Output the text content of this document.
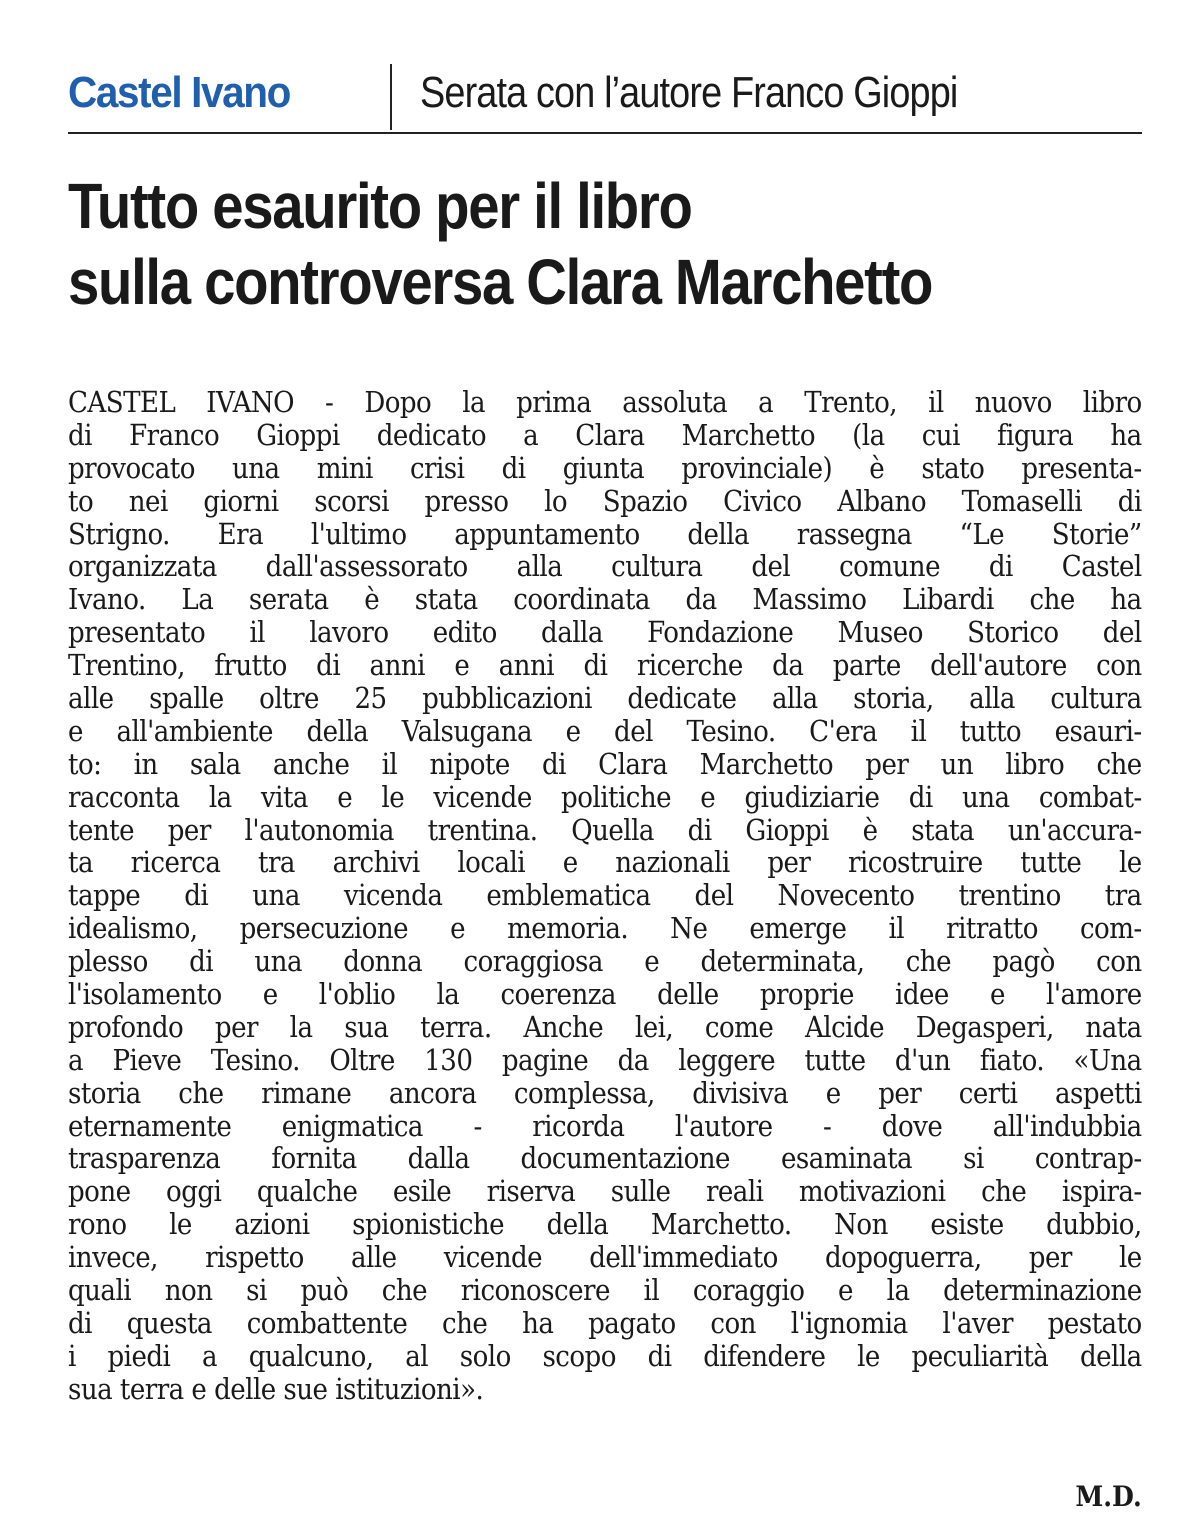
Castel Ivano	Serata con l’autore Franco Gioppi
Tutto esaurito per il libro
sulla controversa Clara Marchetto
CASTEL IVANO - Dopo la prima assoluta a Trento, il nuovo libro
di Franco Gioppi dedicato a Clara Marchetto (la cui figura ha
provocato una mini crisi di giunta provinciale) è stato presenta-
to nei giorni scorsi presso lo Spazio Civico Albano Tomaselli di
Strigno. Era l'ultimo appuntamento della rassegna “Le Storie”
organizzata dall'assessorato alla cultura del comune di Castel
Ivano. La serata è stata coordinata da Massimo Libardi che ha
presentato il lavoro edito dalla Fondazione Museo Storico del
Trentino, frutto di anni e anni di ricerche da parte dell'autore con
alle spalle oltre 25 pubblicazioni dedicate alla storia, alla cultura
e all'ambiente della Valsugana e del Tesino. C'era il tutto esauri-
to: in sala anche il nipote di Clara Marchetto per un libro che
racconta la vita e le vicende politiche e giudiziarie di una combat-
tente per l'autonomia trentina. Quella di Gioppi è stata un'accura-
ta ricerca tra archivi locali e nazionali per ricostruire tutte le
tappe di una vicenda emblematica del Novecento trentino tra
idealismo, persecuzione e memoria. Ne emerge il ritratto com-
plesso di una donna coraggiosa e determinata, che pagò con
l'isolamento e l'oblio la coerenza delle proprie idee e l'amore
profondo per la sua terra. Anche lei, come Alcide Degasperi, nata
a Pieve Tesino. Oltre 130 pagine da leggere tutte d'un fiato. «Una
storia che rimane ancora complessa, divisiva e per certi aspetti
eternamente enigmatica - ricorda l'autore - dove all'indubbia
trasparenza fornita dalla documentazione esaminata si contrap-
pone oggi qualche esile riserva sulle reali motivazioni che ispira-
rono le azioni spionistiche della Marchetto. Non esiste dubbio,
invece, rispetto alle vicende dell'immediato dopoguerra, per le
quali non si può che riconoscere il coraggio e la determinazione
di questa combattente che ha pagato con l'ignomia l'aver pestato
i piedi a qualcuno, al solo scopo di difendere le peculiarità della
sua terra e delle sue istituzioni».
M.D.
